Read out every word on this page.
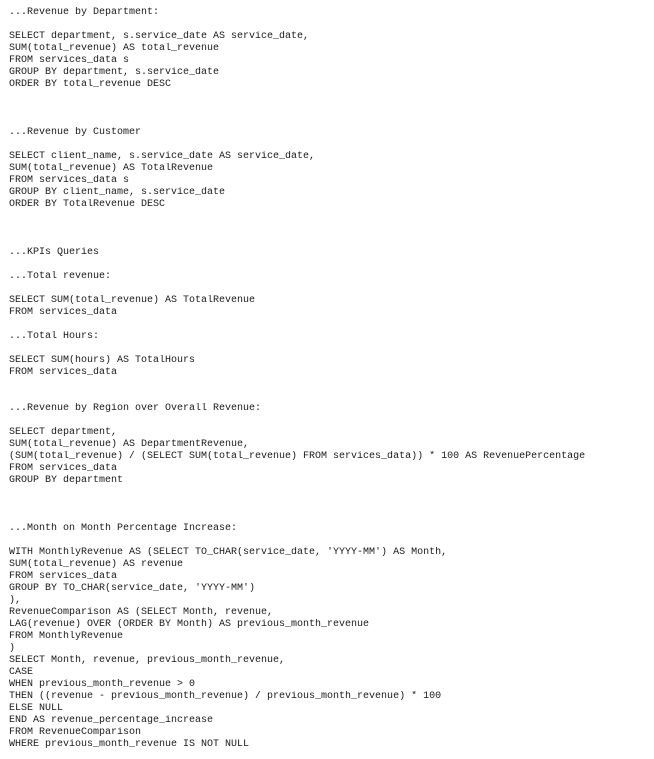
...Revenue by Department:
SELECT department, s.service_date AS service_date,
SUM(total_revenue) AS total_revenue
FROM services_data s
GROUP BY department, s.service_date
ORDER BY total_revenue DESC
...Revenue by Customer
SELECT client_name, s.service_date AS service_date,
SUM(total_revenue) AS TotalRevenue
FROM services_data s
GROUP BY client_name, s.service_date
ORDER BY TotalRevenue DESC
...KPIs Queries
...Total revenue:
SELECT SUM(total_revenue) AS TotalRevenue
FROM services_data
...Total Hours:
SELECT SUM(hours) AS TotalHours
FROM services_data
...Revenue by Region over Overall Revenue:
SELECT department,
SUM(total_revenue) AS DepartmentRevenue,
(SUM(total_revenue) / (SELECT SUM(total_revenue) FROM services_data)) * 100 AS RevenuePercentage
FROM services_data
GROUP BY department
...Month on Month Percentage Increase:
WITH MonthlyRevenue AS (SELECT TO_CHAR(service_date, 'YYYY-MM') AS Month,
SUM(total_revenue) AS revenue
FROM services_data
GROUP BY TO_CHAR(service_date, 'YYYY-MM')
),
RevenueComparison AS (SELECT Month, revenue,
LAG(revenue) OVER (ORDER BY Month) AS previous_month_revenue
FROM MonthlyRevenue
)
SELECT Month, revenue, previous_month_revenue,
CASE
WHEN previous_month_revenue > 0
THEN ((revenue - previous_month_revenue) / previous_month_revenue) * 100
ELSE NULL
END AS revenue_percentage_increase
FROM RevenueComparison
WHERE previous_month_revenue IS NOT NULL
